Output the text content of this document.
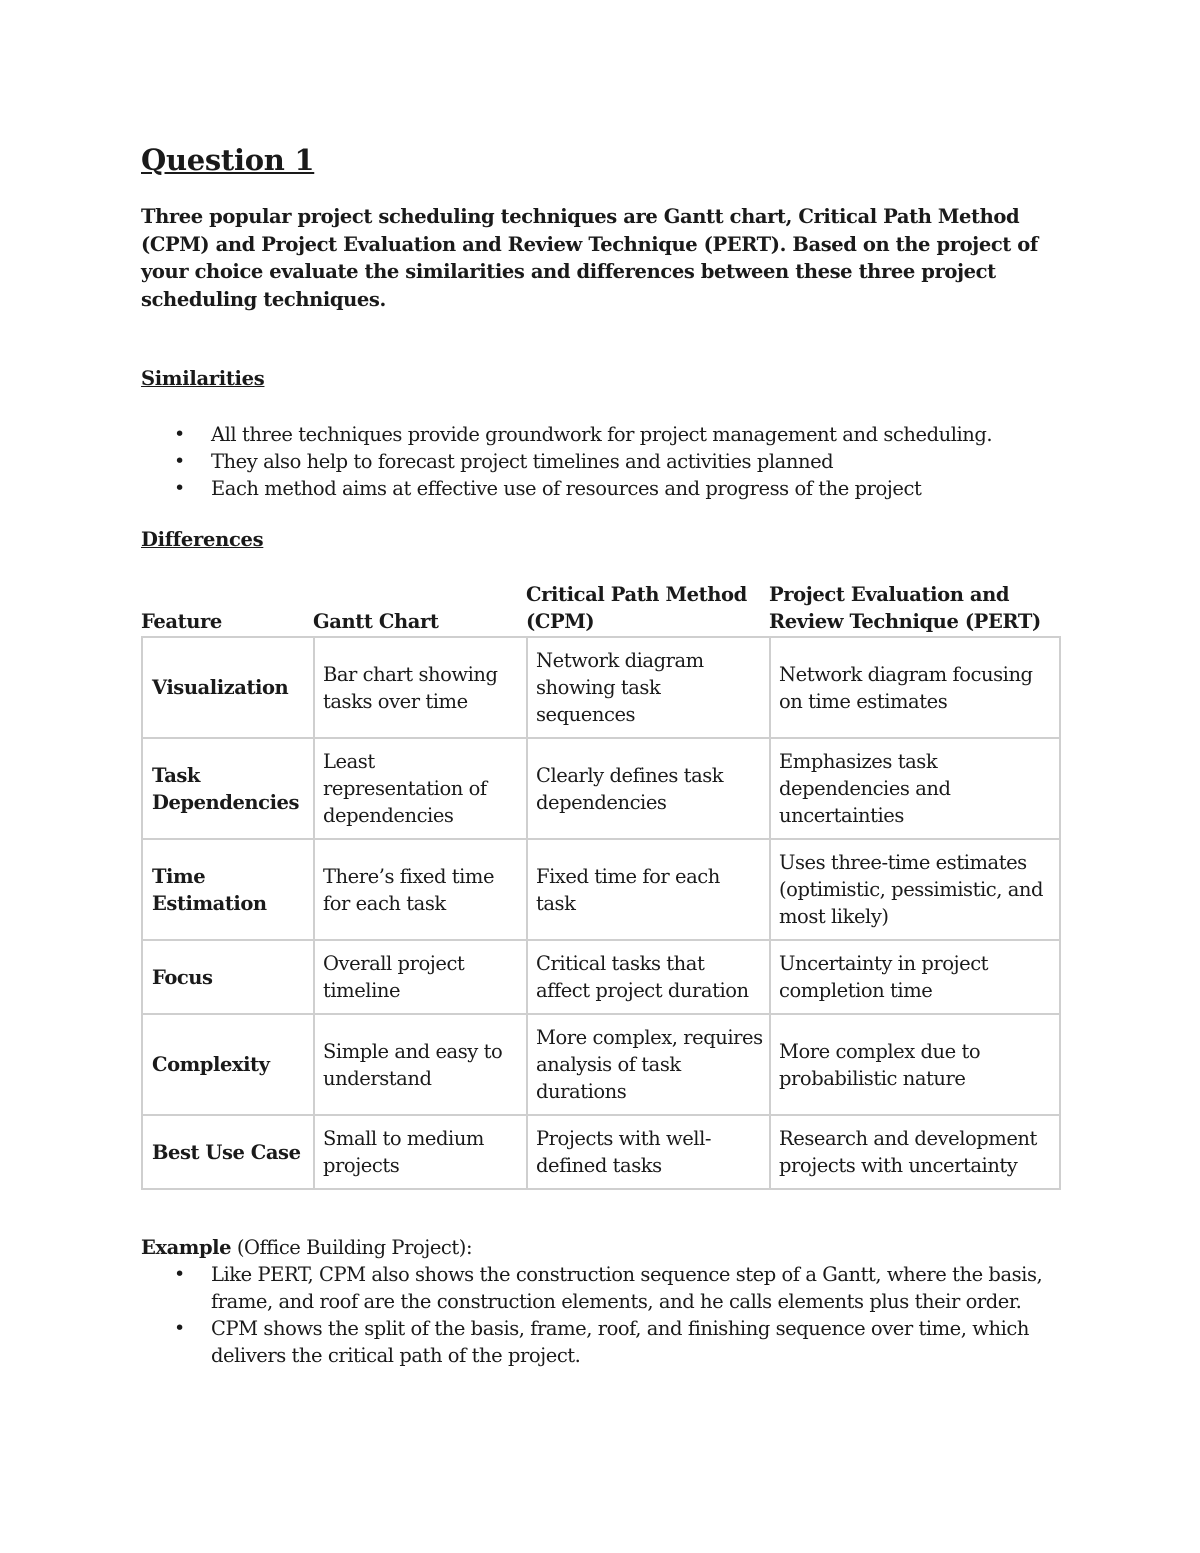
Question 1

Three popular project scheduling techniques are Gantt chart, Critical Path Method (CPM) and Project Evaluation and Review Technique (PERT). Based on the project of your choice evaluate the similarities and differences between these three project scheduling techniques.

Similarities
• All three techniques provide groundwork for project management and scheduling.
• They also help to forecast project timelines and activities planned
• Each method aims at effective use of resources and progress of the project
Differences
Feature	Gantt Chart	Critical Path Method (CPM)	Project Evaluation and Review Technique (PERT)
Visualization	Bar chart showing tasks over time	Network diagram showing task sequences	Network diagram focusing on time estimates
Task Dependencies	Least representation of dependencies	Clearly defines task dependencies	Emphasizes task dependencies and uncertainties
Time Estimation	There’s fixed time for each task	Fixed time for each task	Uses three-time estimates (optimistic, pessimistic, and most likely)
Focus	Overall project timeline	Critical tasks that affect project duration	Uncertainty in project completion time
Complexity	Simple and easy to understand	More complex, requires analysis of task durations	More complex due to probabilistic nature
Best Use Case	Small to medium projects	Projects with well-defined tasks	Research and development projects with uncertainty
Example (Office Building Project):
• Like PERT, CPM also shows the construction sequence step of a Gantt, where the basis, frame, and roof are the construction elements, and he calls elements plus their order.
• CPM shows the split of the basis, frame, roof, and finishing sequence over time, which delivers the critical path of the project.
